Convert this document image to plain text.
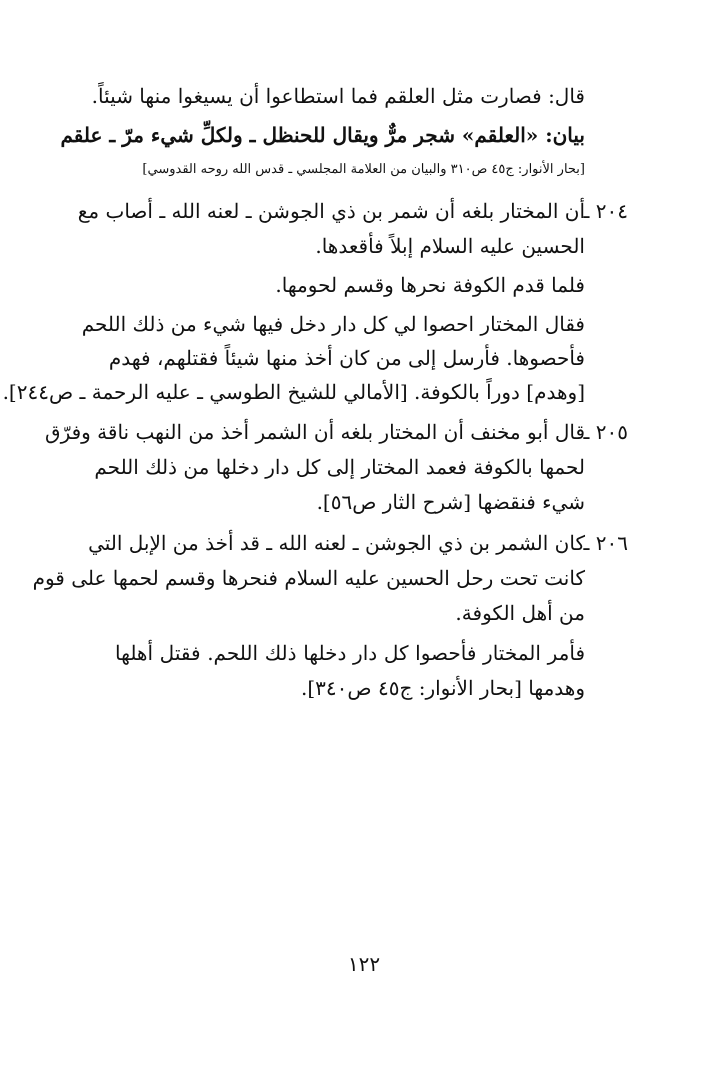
قال: فصارت مثل العلقم فما استطاعوا أن يسيغوا منها شيئاً.
بيان: «العلقم» شجر مرٌّ ويقال للحنظل ـ ولكلِّ شيء مرّ ـ علقم
[بحار الأنوار: ج٤٥ ص٣١٠ والبيان من العلامة المجلسي ـ قدس الله روحه القدوسي]
٢٠٤ ـ
أن المختار بلغه أن شمر بن ذي الجوشن ـ لعنه الله ـ أصاب مع
الحسين عليه السلام إبلاً فأقعدها.
فلما قدم الكوفة نحرها وقسم لحومها.
فقال المختار احصوا لي كل دار دخل فيها شيء من ذلك اللحم
فأحصوها. فأرسل إلى من كان أخذ منها شيئاً فقتلهم، فهدم
[وهدم] دوراً بالكوفة. [الأمالي للشيخ الطوسي ـ عليه الرحمة ـ ص٢٤٤].
٢٠٥ ـ
قال أبو مخنف أن المختار بلغه أن الشمر أخذ من النهب ناقة وفرّق
لحمها بالكوفة فعمد المختار إلى كل دار دخلها من ذلك اللحم
شيء فنقضها [شرح الثار ص٥٦].
٢٠٦ ـ
كان الشمر بن ذي الجوشن ـ لعنه الله ـ قد أخذ من الإبل التي
كانت تحت رحل الحسين عليه السلام فنحرها وقسم لحمها على قوم
من أهل الكوفة.
فأمر المختار فأحصوا كل دار دخلها ذلك اللحم. فقتل أهلها
وهدمها [بحار الأنوار: ج٤٥ ص٣٤٠].
١٢٢
